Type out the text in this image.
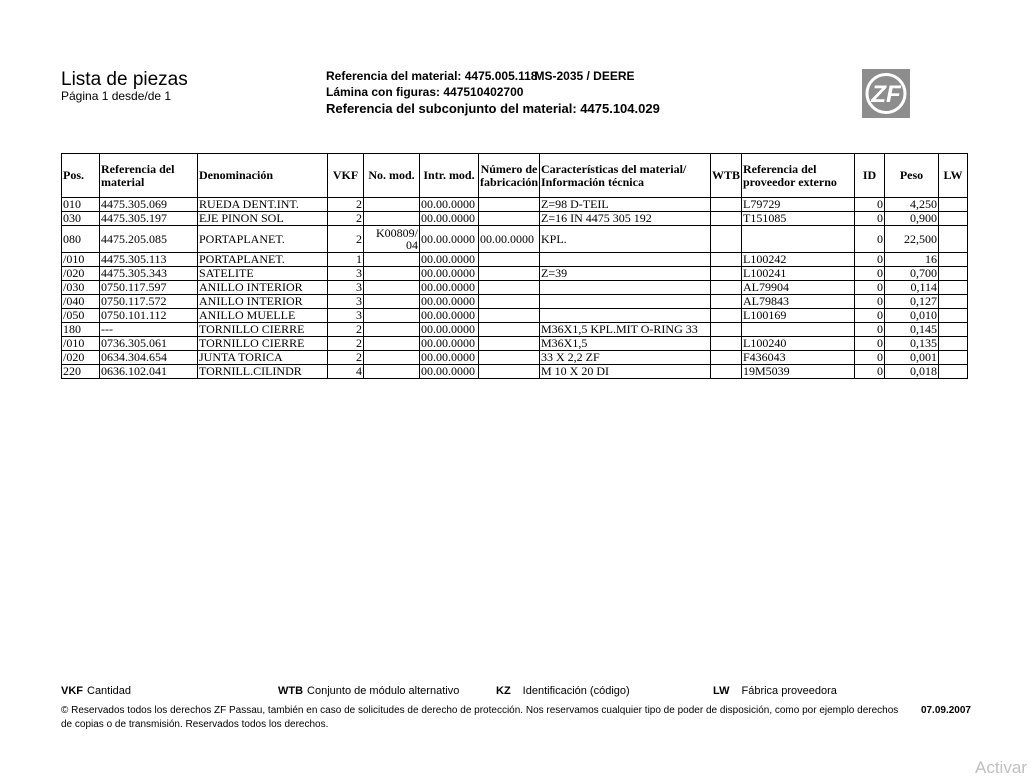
Lista de piezas
Página 1 desde/de 1
Referencia del material: 4475.005.118MS-2035 / DEERE
Lámina con figuras: 447510402700
Referencia del subconjunto del material: 4475.104.029
ZF
Pos.	Referencia del material	Denominación	VKF	No. mod.	Intr. mod.	Número de fabricación	Características del material/ Información técnica	WTB	Referencia del proveedor externo	ID	Peso	LW
010	4475.305.069	RUEDA DENT.INT.	2		00.00.0000		Z=98 D-TEIL		L79729	0	4,250	
030	4475.305.197	EJE PINON SOL	2		00.00.0000		Z=16 IN 4475 305 192		T151085	0	0,900	
080	4475.205.085	PORTAPLANET.	2	K00809/ 04	00.00.0000	00.00.0000	KPL.			0	22,500	
/010	4475.305.113	PORTAPLANET.	1		00.00.0000				L100242	0	16	
/020	4475.305.343	SATELITE	3		00.00.0000		Z=39		L100241	0	0,700	
/030	0750.117.597	ANILLO INTERIOR	3		00.00.0000				AL79904	0	0,114	
/040	0750.117.572	ANILLO INTERIOR	3		00.00.0000				AL79843	0	0,127	
/050	0750.101.112	ANILLO MUELLE	3		00.00.0000				L100169	0	0,010	
180	---	TORNILLO CIERRE	2		00.00.0000		M36X1,5 KPL.MIT O-RING 33			0	0,145	
/010	0736.305.061	TORNILLO CIERRE	2		00.00.0000		M36X1,5		L100240	0	0,135	
/020	0634.304.654	JUNTA TORICA	2		00.00.0000		33 X 2,2 ZF		F436043	0	0,001	
220	0636.102.041	TORNILL.CILINDR	4		00.00.0000		M 10 X 20 DI		19M5039	0	0,018	
VKF Cantidad	WTB Conjunto de módulo alternativo	KZ Identificación (código)	LW Fábrica proveedora
© Reservados todos los derechos ZF Passau, también en caso de solicitudes de derecho de protección. Nos reservamos cualquier tipo de poder de disposición, como por ejemplo derechos de copias o de transmisión. Reservados todos los derechos.
07.09.2007
Activar
